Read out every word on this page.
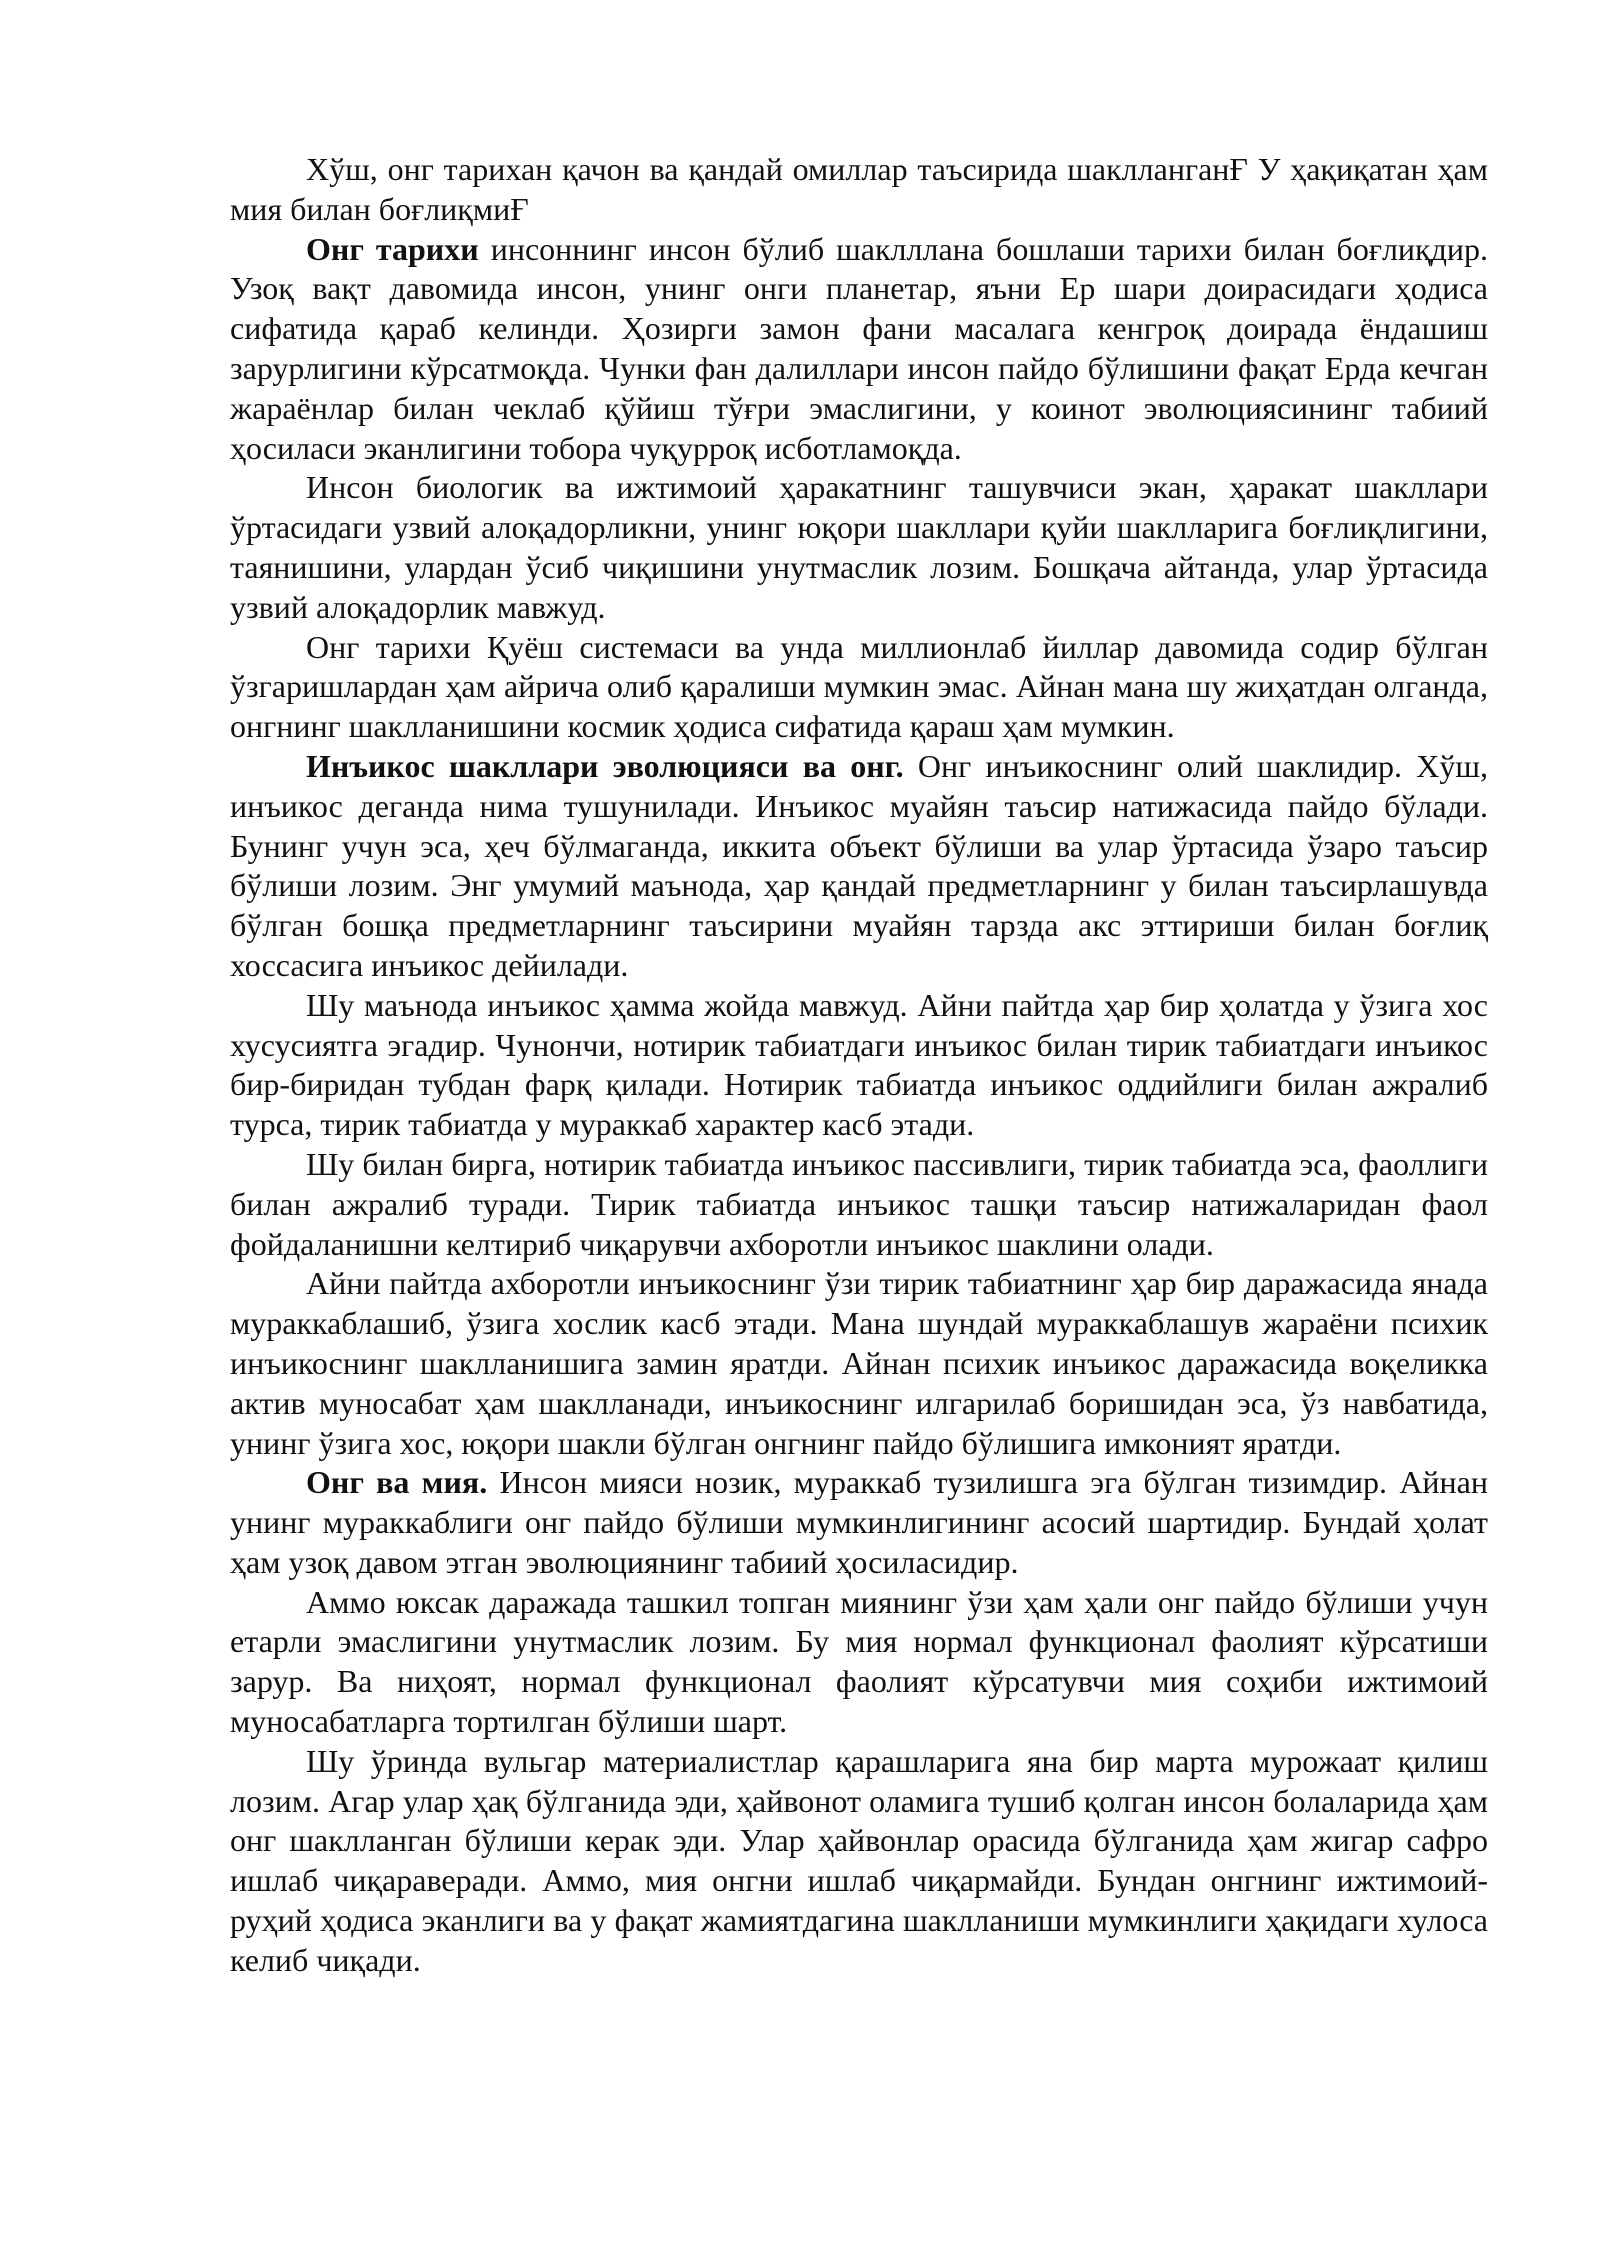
Хўш, онг тарихан қачон ва қандай омиллар таъсирида шаклланганҒ У ҳақиқатан ҳам мия билан боғлиқмиҒ

Онг тарихи инсоннинг инсон бўлиб шакллланa бошлаши тарихи билан боғлиқдир. Узоқ вақт давомида инсон, унинг онги планетар, яъни Ер шари доирасидаги ҳодиса сифатида қараб келинди. Ҳозирги замон фани масалага кенгроқ доирада ёндашиш зарурлигини кўрсатмоқда. Чунки фан далиллари инсон пайдо бўлишини фақат Ерда кечган жараёнлар билан чеклаб қўйиш тўғри эмаслигини, у коинот эволюциясининг табиий ҳосиласи эканлигини тобора чуқурроқ исботламоқда.

Инсон биологик ва ижтимоий ҳаракатнинг ташувчиси экан, ҳаракат шакллари ўртасидаги узвий алоқадорликни, унинг юқори шакллари қуйи шаклларига боғлиқлигини, таянишини, улардан ўсиб чиқишини унутмаслик лозим. Бошқача айтанда, улар ўртасида узвий алоқадорлик мавжуд.

Онг тарихи Қуёш системаси ва унда миллионлаб йиллар давомида содир бўлган ўзгаришлардан ҳам айрича олиб қаралиши мумкин эмас. Айнан мана шу жиҳатдан олганда, онгнинг шаклланишини космик ҳодиса сифатида қараш ҳам мумкин.

Инъикос шакллари эволюцияси ва онг. Онг инъикоснинг олий шаклидир. Хўш, инъикос деганда нима тушунилади. Инъикос муайян таъсир натижасида пайдо бўлади. Бунинг учун эса, ҳеч бўлмаганда, иккита объект бўлиши ва улар ўртасида ўзаро таъсир бўлиши лозим. Энг умумий маънода, ҳар қандай предметларнинг у билан таъсирлашувда бўлган бошқа предметларнинг таъсирини муайян тарзда акс эттириши билан боғлиқ хоссасига инъикос дейилади.

Шу маънода инъикос ҳамма жойда мавжуд. Айни пайтда ҳар бир ҳолатда у ўзига хос хусусиятга эгадир. Чунончи, нотирик табиатдаги инъикос билан тирик табиатдаги инъикос бир-биридан тубдан фарқ қилади. Нотирик табиатда инъикос оддийлиги билан ажралиб турса, тирик табиатда у мураккаб характер касб этади.

Шу билан бирга, нотирик табиатда инъикос пассивлиги, тирик табиатда эса, фаоллиги билан ажралиб туради. Тирик табиатда инъикос ташқи таъсир натижаларидан фаол фойдаланишни келтириб чиқарувчи ахборотли инъикос шаклини олади.

Айни пайтда ахборотли инъикоснинг ўзи тирик табиатнинг ҳар бир даражасида янада мураккаблашиб, ўзига хослик касб этади. Мана шундай мураккаблашув жараёни психик инъикоснинг шаклланишига замин яратди. Айнан психик инъикос даражасида воқеликка актив муносабат ҳам шаклланади, инъикоснинг илгарилаб боришидан эса, ўз навбатида, унинг ўзига хос, юқори шакли бўлган онгнинг пайдо бўлишига имконият яратди.

Онг ва мия. Инсон мияси нозик, мураккаб тузилишга эга бўлган тизимдир. Айнан унинг мураккаблиги онг пайдо бўлиши мумкинлигининг асосий шартидир. Бундай ҳолат ҳам узоқ давом этган эволюциянинг табиий ҳосиласидир.

Аммо юксак даражада ташкил топган миянинг ўзи ҳам ҳали онг пайдо бўлиши учун етарли эмаслигини унутмаслик лозим. Бу мия нормал функционал фаолият кўрсатиши зарур. Ва ниҳоят, нормал функционал фаолият кўрсатувчи мия соҳиби ижтимоий муносабатларга тортилган бўлиши шарт.

Шу ўринда вульгар материалистлар қарашларига яна бир марта мурожаат қилиш лозим. Агар улар ҳақ бўлганида эди, ҳайвонот оламига тушиб қолган инсон болаларида ҳам онг шаклланган бўлиши керак эди. Улар ҳайвонлар орасида бўлганида ҳам жигар сафро ишлаб чиқараверади. Аммо, мия онгни ишлаб чиқармайди. Бундан онгнинг ижтимоий-руҳий ҳодиса эканлиги ва у фақат жамиятдагина шаклланиши мумкинлиги ҳақидаги хулоса келиб чиқади.
